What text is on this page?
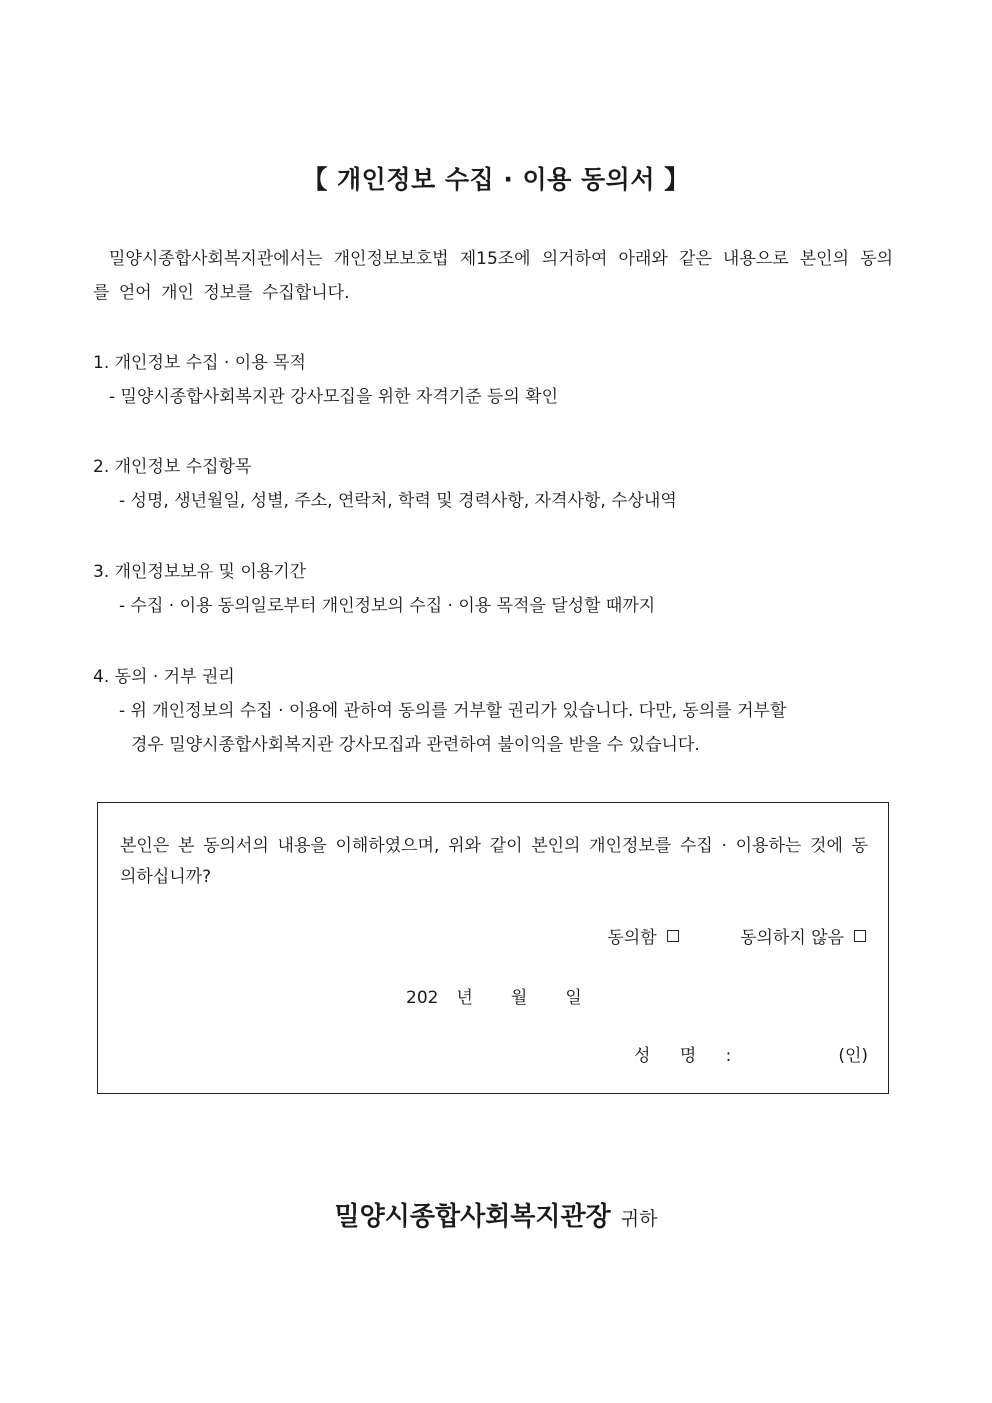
【 개인정보 수집 · 이용 동의서 】
밀양시종합사회복지관에서는 개인정보보호법 제15조에 의거하여 아래와 같은 내용으로 본인의 동의를 얻어 개인 정보를 수집합니다.
1. 개인정보 수집 · 이용 목적
- 밀양시종합사회복지관 강사모집을 위한 자격기준 등의 확인
2. 개인정보 수집항목
- 성명, 생년월일, 성별, 주소, 연락처, 학력 및 경력사항, 자격사항, 수상내역
3. 개인정보보유 및 이용기간
- 수집 · 이용 동의일로부터 개인정보의 수집 · 이용 목적을 달성할 때까지
4. 동의 · 거부 권리
- 위 개인정보의 수집 · 이용에 관하여 동의를 거부할 권리가 있습니다. 다만, 동의를 거부할
경우 밀양시종합사회복지관 강사모집과 관련하여 불이익을 받을 수 있습니다.
본인은 본 동의서의 내용을 이해하였으며, 위와 같이 본인의 개인정보를 수집 · 이용하는 것에 동의하십니까?
동의함	동의하지 않음
202 년 월 일
성 명 :	(인)
밀양시종합사회복지관장 귀하
